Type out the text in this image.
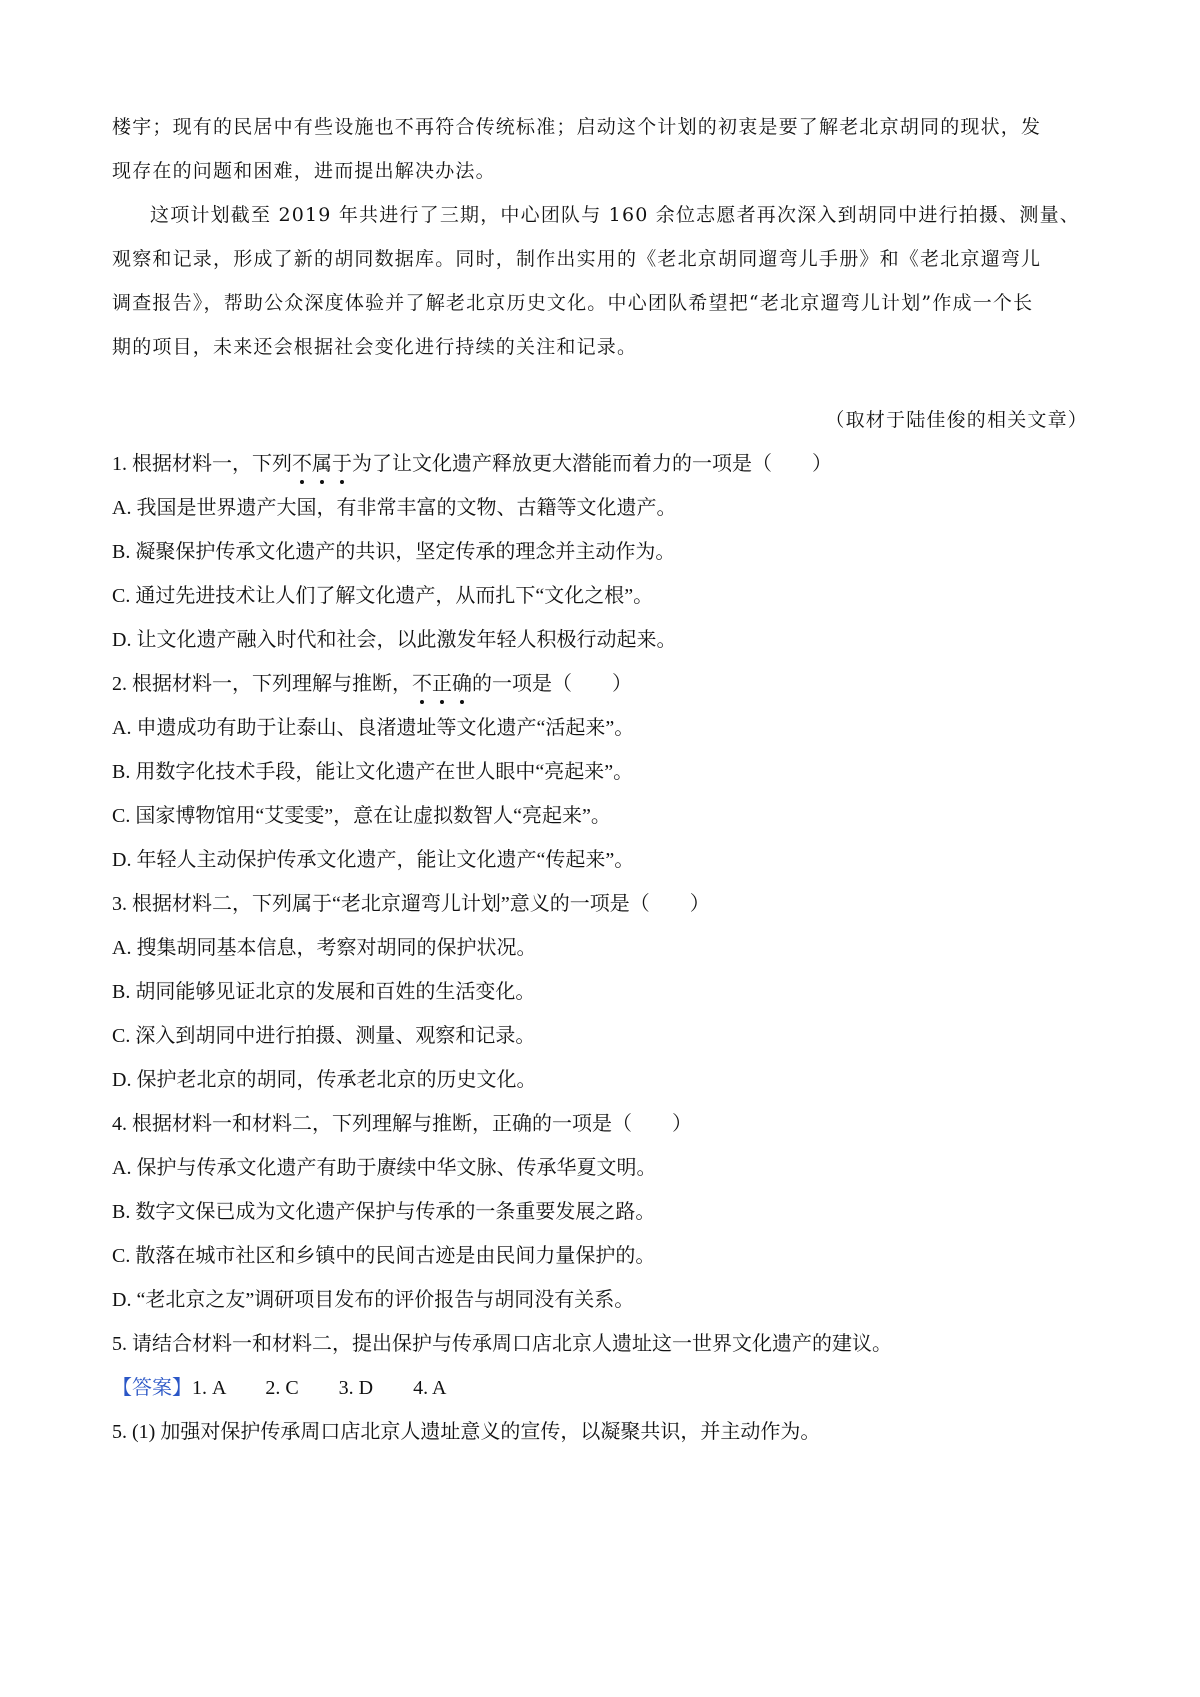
楼宇；现有的民居中有些设施也不再符合传统标准；启动这个计划的初衷是要了解老北京胡同的现状，发
现存在的问题和困难，进而提出解决办法。
这项计划截至 2019 年共进行了三期，中心团队与 160 余位志愿者再次深入到胡同中进行拍摄、测量、
观察和记录，形成了新的胡同数据库。同时，制作出实用的《老北京胡同遛弯儿手册》和《老北京遛弯儿
调查报告》，帮助公众深度体验并了解老北京历史文化。中心团队希望把“老北京遛弯儿计划”作成一个长
期的项目，未来还会根据社会变化进行持续的关注和记录。
（取材于陆佳俊的相关文章）
1. 根据材料一，下列不属于为了让文化遗产释放更大潜能而着力的一项是（　　）
A. 我国是世界遗产大国，有非常丰富的文物、古籍等文化遗产。
B. 凝聚保护传承文化遗产的共识，坚定传承的理念并主动作为。
C. 通过先进技术让人们了解文化遗产，从而扎下“文化之根”。
D. 让文化遗产融入时代和社会，以此激发年轻人积极行动起来。
2. 根据材料一，下列理解与推断，不正确的一项是（　　）
A. 申遗成功有助于让泰山、良渚遗址等文化遗产“活起来”。
B. 用数字化技术手段，能让文化遗产在世人眼中“亮起来”。
C. 国家博物馆用“艾雯雯”，意在让虚拟数智人“亮起来”。
D. 年轻人主动保护传承文化遗产，能让文化遗产“传起来”。
3. 根据材料二，下列属于“老北京遛弯儿计划”意义的一项是（　　）
A. 搜集胡同基本信息，考察对胡同的保护状况。
B. 胡同能够见证北京的发展和百姓的生活变化。
C. 深入到胡同中进行拍摄、测量、观察和记录。
D. 保护老北京的胡同，传承老北京的历史文化。
4. 根据材料一和材料二，下列理解与推断，正确的一项是（　　）
A. 保护与传承文化遗产有助于赓续中华文脉、传承华夏文明。
B. 数字文保已成为文化遗产保护与传承的一条重要发展之路。
C. 散落在城市社区和乡镇中的民间古迹是由民间力量保护的。
D. “老北京之友”调研项目发布的评价报告与胡同没有关系。
5. 请结合材料一和材料二，提出保护与传承周口店北京人遗址这一世界文化遗产的建议。
【答案】1. A　　2. C　　3. D　　4. A
5. (1) 加强对保护传承周口店北京人遗址意义的宣传，以凝聚共识，并主动作为。
